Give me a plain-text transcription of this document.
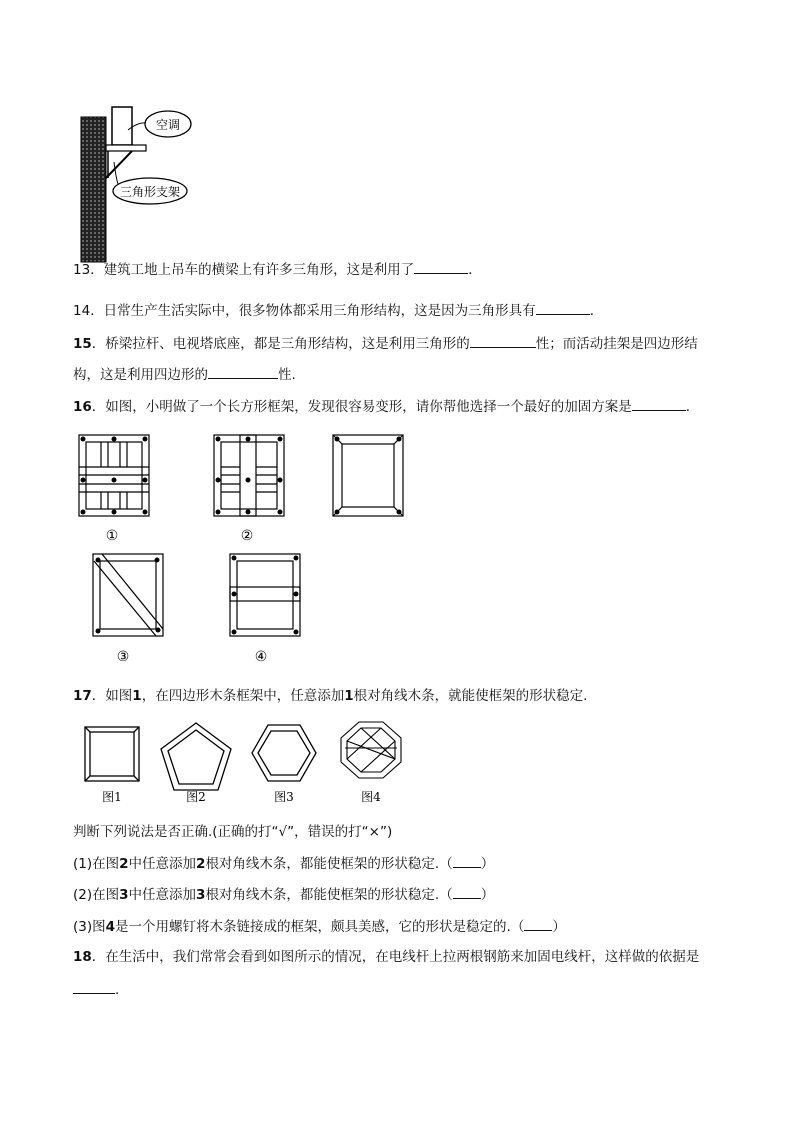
空调
三角形支架
13．建筑工地上吊车的横梁上有许多三角形，这是利用了	．
14．日常生产生活实际中，很多物体都采用三角形结构，这是因为三角形具有	．
15．桥梁拉杆、电视塔底座，都是三角形结构，这是利用三角形的	性；而活动挂架是四边形结
构，这是利用四边形的	性.
16．如图，小明做了一个长方形框架，发现很容易变形，请你帮他选择一个最好的加固方案是	．
①	②
③	④
17．如图1，在四边形木条框架中，任意添加1根对角线木条，就能使框架的形状稳定.
图1	图2	图3	图4
判断下列说法是否正确.(正确的打“√”，错误的打“×”)
(1)在图2中任意添加2根对角线木条，都能使框架的形状稳定.（ ）
(2)在图3中任意添加3根对角线木条，都能使框架的形状稳定.（ ）
(3)图4是一个用螺钉将木条链接成的框架，颇具美感，它的形状是稳定的.（ ）
18．在生活中，我们常常会看到如图所示的情况，在电线杆上拉两根钢筋来加固电线杆，这样做的依据是
.
